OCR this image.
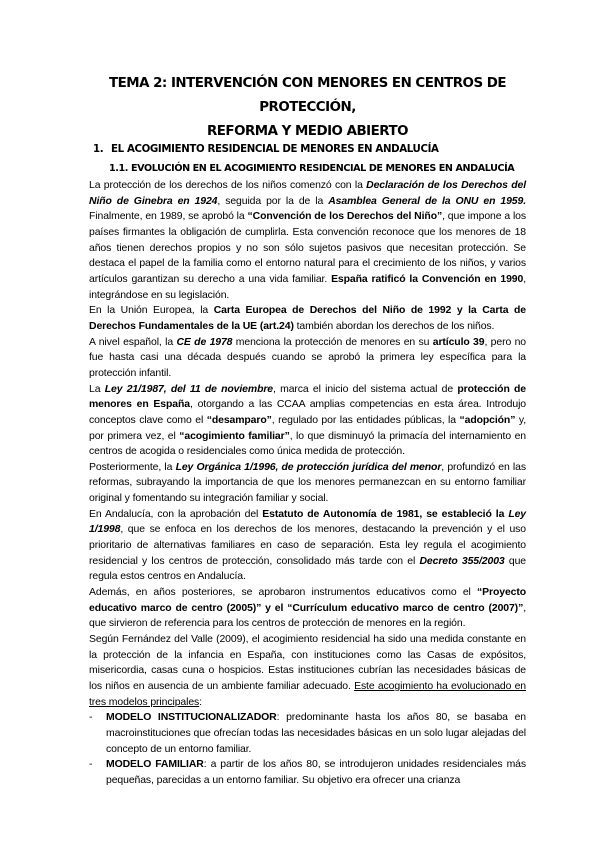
TEMA 2: INTERVENCIÓN CON MENORES EN CENTROS DE PROTECCIÓN,
REFORMA Y MEDIO ABIERTO
1. EL ACOGIMIENTO RESIDENCIAL DE MENORES EN ANDALUCÍA
1.1. EVOLUCIÓN EN EL ACOGIMIENTO RESIDENCIAL DE MENORES EN ANDALUCÍA

La protección de los derechos de los niños comenzó con la Declaración de los Derechos del Niño de Ginebra en 1924, seguida por la de la Asamblea General de la ONU en 1959. Finalmente, en 1989, se aprobó la “Convención de los Derechos del Niño”, que impone a los países firmantes la obligación de cumplirla. Esta convención reconoce que los menores de 18 años tienen derechos propios y no son sólo sujetos pasivos que necesitan protección. Se destaca el papel de la familia como el entorno natural para el crecimiento de los niños, y varios artículos garantizan su derecho a una vida familiar. España ratificó la Convención en 1990, integrándose en su legislación.

En la Unión Europea, la Carta Europea de Derechos del Niño de 1992 y la Carta de Derechos Fundamentales de la UE (art.24) también abordan los derechos de los niños.

A nivel español, la CE de 1978 menciona la protección de menores en su artículo 39, pero no fue hasta casi una década después cuando se aprobó la primera ley específica para la protección infantil.

La Ley 21/1987, del 11 de noviembre, marca el inicio del sistema actual de protección de menores en España, otorgando a las CCAA amplias competencias en esta área. Introdujo conceptos clave como el “desamparo”, regulado por las entidades públicas, la “adopción” y, por primera vez, el “acogimiento familiar”, lo que disminuyó la primacía del internamiento en centros de acogida o residenciales como única medida de protección.

Posteriormente, la Ley Orgánica 1/1996, de protección jurídica del menor, profundizó en las reformas, subrayando la importancia de que los menores permanezcan en su entorno familiar original y fomentando su integración familiar y social.

En Andalucía, con la aprobación del Estatuto de Autonomía de 1981, se estableció la Ley 1/1998, que se enfoca en los derechos de los menores, destacando la prevención y el uso prioritario de alternativas familiares en caso de separación. Esta ley regula el acogimiento residencial y los centros de protección, consolidado más tarde con el Decreto 355/2003 que regula estos centros en Andalucía.

Además, en años posteriores, se aprobaron instrumentos educativos como el “Proyecto educativo marco de centro (2005)” y el “Currículum educativo marco de centro (2007)”, que sirvieron de referencia para los centros de protección de menores en la región.

Según Fernández del Valle (2009), el acogimiento residencial ha sido una medida constante en la protección de la infancia en España, con instituciones como las Casas de expósitos, misericordia, casas cuna o hospicios. Estas instituciones cubrían las necesidades básicas de los niños en ausencia de un ambiente familiar adecuado. Este acogimiento ha evolucionado en tres modelos principales:

- MODELO INSTITUCIONALIZADOR: predominante hasta los años 80, se basaba en macroinstituciones que ofrecían todas las necesidades básicas en un solo lugar alejadas del concepto de un entorno familiar.
- MODELO FAMILIAR: a partir de los años 80, se introdujeron unidades residenciales más pequeñas, parecidas a un entorno familiar. Su objetivo era ofrecer una crianza
